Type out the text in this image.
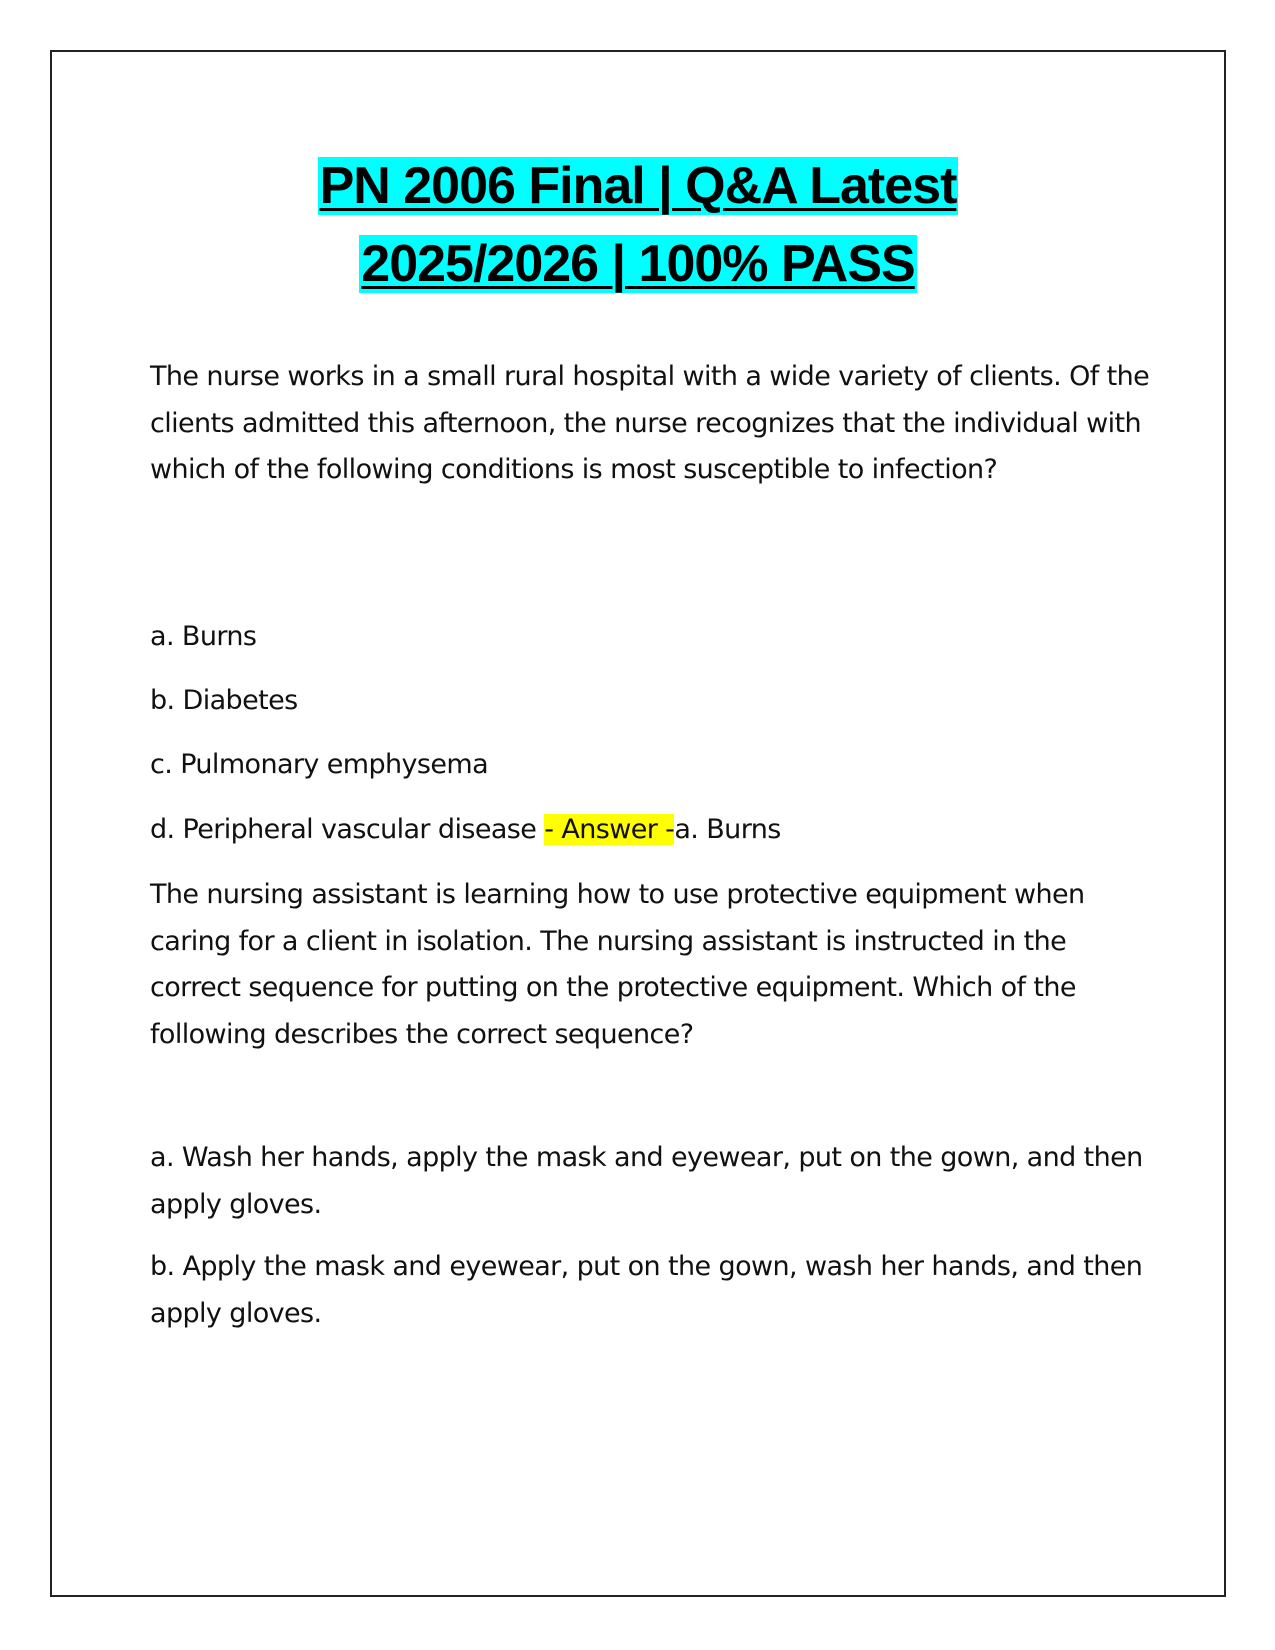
PN 2006 Final | Q&A Latest
2025/2026 | 100% PASS

The nurse works in a small rural hospital with a wide variety of clients. Of the clients admitted this afternoon, the nurse recognizes that the individual with which of the following conditions is most susceptible to infection?

a. Burns

b. Diabetes

c. Pulmonary emphysema

d. Peripheral vascular disease - Answer -a. Burns

The nursing assistant is learning how to use protective equipment when caring for a client in isolation. The nursing assistant is instructed in the correct sequence for putting on the protective equipment. Which of the following describes the correct sequence?

a. Wash her hands, apply the mask and eyewear, put on the gown, and then apply gloves.

b. Apply the mask and eyewear, put on the gown, wash her hands, and then apply gloves.
